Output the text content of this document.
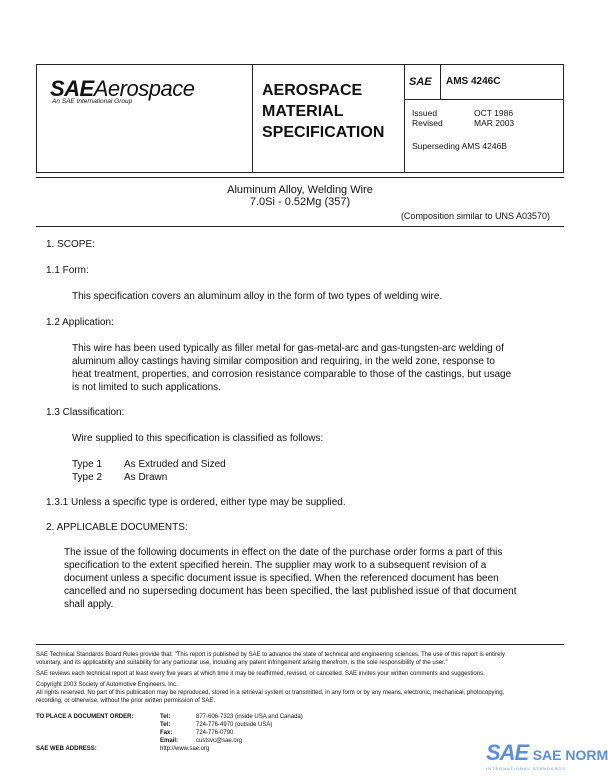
SAEAerospace
An SAE International Group
AEROSPACE
MATERIAL
SPECIFICATION
SAE AMS 4246C
Issued	OCT 1986
Revised	MAR 2003
Superseding AMS 4246B
Aluminum Alloy, Welding Wire
7.0Si - 0.52Mg (357)
(Composition similar to UNS A03570)
1. SCOPE:
1.1 Form:
This specification covers an aluminum alloy in the form of two types of welding wire.
1.2 Application:
This wire has been used typically as filler metal for gas-metal-arc and gas-tungsten-arc welding of
aluminum alloy castings having similar composition and requiring, in the weld zone, response to
heat treatment, properties, and corrosion resistance comparable to those of the castings, but usage
is not limited to such applications.
1.3 Classification:
Wire supplied to this specification is classified as follows:
Type 1 As Extruded and Sized
Type 2 As Drawn
1.3.1 Unless a specific type is ordered, either type may be supplied.
2. APPLICABLE DOCUMENTS:
The issue of the following documents in effect on the date of the purchase order forms a part of this
specification to the extent specified herein. The supplier may work to a subsequent revision of a
document unless a specific document issue is specified. When the referenced document has been
cancelled and no superseding document has been specified, the last published issue of that document
shall apply.
SAE Technical Standards Board Rules provide that: "This report is published by SAE to advance the state of technical and engineering sciences. The use of this report is entirely
voluntary, and its applicability and suitability for any particular use, including any patent infringement arising therefrom, is the sole responsibility of the user."
SAE reviews each technical report at least every five years at which time it may be reaffirmed, revised, or cancelled. SAE invites your written comments and suggestions.
Copyright 2003 Society of Automotive Engineers, Inc.
All rights reserved. No part of this publication may be reproduced, stored in a retrieval system or transmitted, in any form or by any means, electronic, mechanical, photocopying,
recording, or otherwise, without the prior written permission of SAE.
TO PLACE A DOCUMENT ORDER:	Tel:	877-606-7323 (inside USA and Canada)
Tel:	724-776-4970 (outside USA)
Fax:	724-776-0790
Email:	custsvc@sae.org
SAE WEB ADDRESS:	http://www.sae.org	SAE SAE NORM
INTERNATIONAL STANDARDS
